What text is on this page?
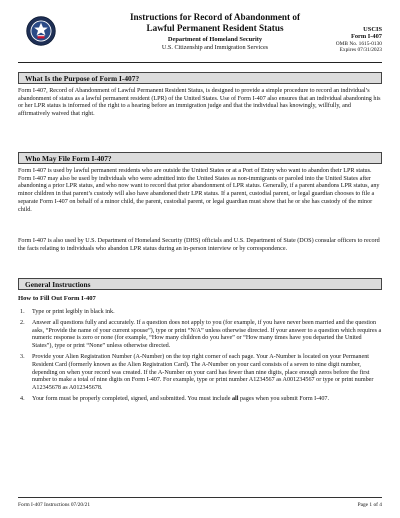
Instructions for Record of Abandonment of
Lawful Permanent Resident Status
Department of Homeland Security
U.S. Citizenship and Immigration Services
USCIS
Form I-407
OMB No. 1615-0130
Expires 07/31/2023
What Is the Purpose of Form I-407?
Form I-407, Record of Abandonment of Lawful Permanent Resident Status, is designed to provide a simple procedure to record an individual’s abandonment of status as a lawful permanent resident (LPR) of the United States. Use of Form I-407 also ensures that an individual abandoning his or her LPR status is informed of the right to a hearing before an immigration judge and that the individual has knowingly, willfully, and affirmatively waived that right.
Who May File Form I-407?
Form I-407 is used by lawful permanent residents who are outside the United States or at a Port of Entry who want to abandon their LPR status. Form I-407 may also be used by individuals who were admitted into the United States as non-immigrants or paroled into the United States after abandoning a prior LPR status, and who now want to record that prior abandonment of LPR status. Generally, if a parent abandons LPR status, any minor children in that parent’s custody will also have abandoned their LPR status. If a parent, custodial parent, or legal guardian chooses to file a separate Form I-407 on behalf of a minor child, the parent, custodial parent, or legal guardian must show that he or she has custody of the minor child.
Form I-407 is also used by U.S. Department of Homeland Security (DHS) officials and U.S. Department of State (DOS) consular officers to record the facts relating to individuals who abandon LPR status during an in-person interview or by correspondence.
General Instructions
How to Fill Out Form I-407
1. Type or print legibly in black ink.
2. Answer all questions fully and accurately. If a question does not apply to you (for example, if you have never been married and the question asks, “Provide the name of your current spouse”), type or print “N/A” unless otherwise directed. If your answer to a question which requires a numeric response is zero or none (for example, “How many children do you have” or “How many times have you departed the United States”), type or print “None” unless otherwise directed.
3. Provide your Alien Registration Number (A-Number) on the top right corner of each page. Your A-Number is located on your Permanent Resident Card (formerly known as the Alien Registration Card). The A-Number on your card consists of a seven to nine digit number, depending on when your record was created. If the A-Number on your card has fewer than nine digits, place enough zeros before the first number to make a total of nine digits on Form I-407. For example, type or print number A1234567 as A001234567 or type or print number A12345678 as A012345678.
4. Your form must be properly completed, signed, and submitted. You must include all pages when you submit Form I-407.
Form I-407 Instructions 07/20/21	Page 1 of 4
